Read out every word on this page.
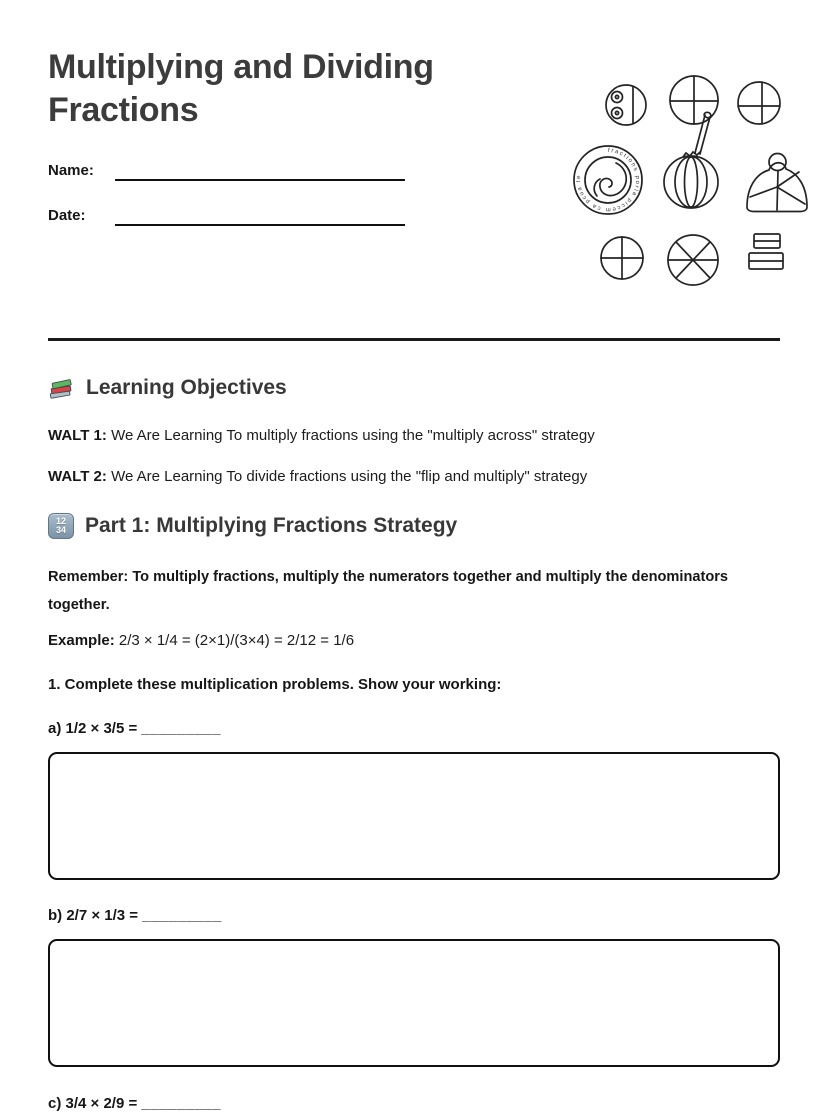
Multiplying and Dividing Fractions
Name:
Date:
fractions porla piccem ca pcua te
Learning Objectives

WALT 1: We Are Learning To multiply fractions using the "multiply across" strategy

WALT 2: We Are Learning To divide fractions using the "flip and multiply" strategy

12
34 Part 1: Multiplying Fractions Strategy

Remember: To multiply fractions, multiply the numerators together and multiply the denominators together.

Example: 2/3 × 1/4 = (2×1)/(3×4) = 2/12 = 1/6

1. Complete these multiplication problems. Show your working:

a) 1/2 × 3/5 = _________

b) 2/7 × 1/3 = _________

c) 3/4 × 2/9 = _________
